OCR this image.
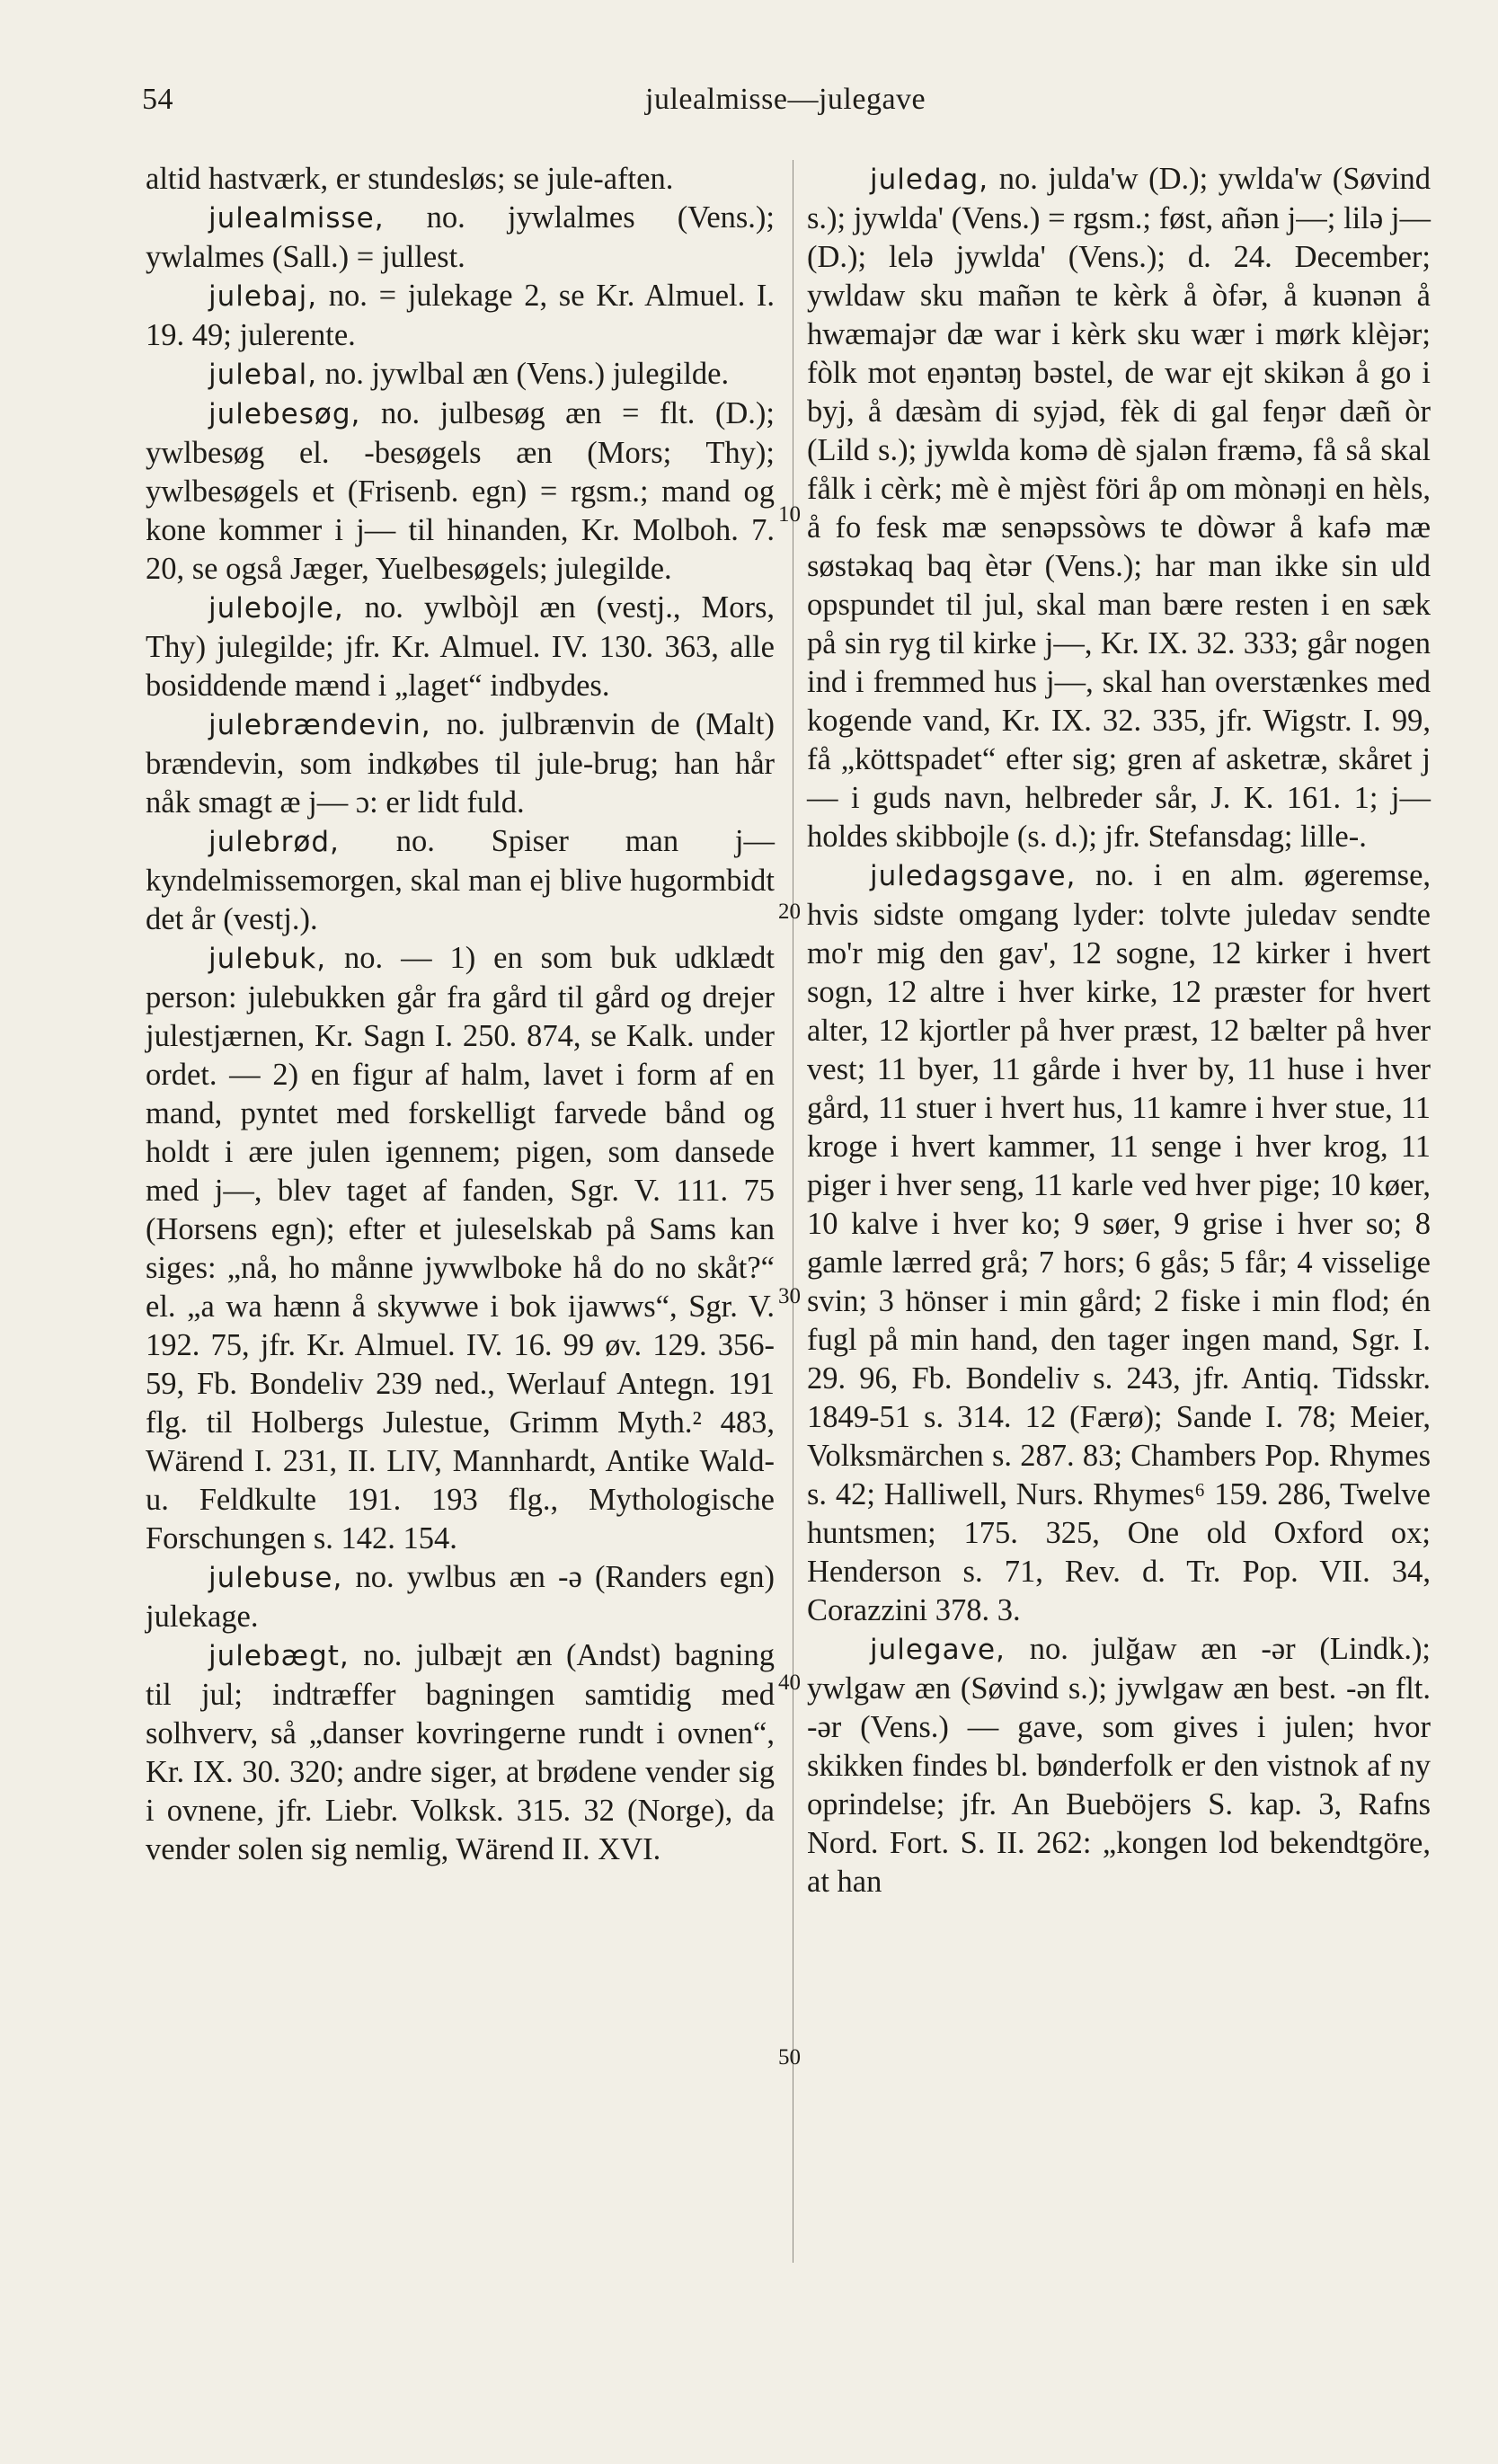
54	julealmisse—julegave
10
20
30
40
50

altid hastværk, er stundesløs; se jule-aften.

julealmisse, no. jywlalmes (Vens.); ywlalmes (Sall.) = jullest.

julebaj, no. = julekage 2, se Kr. Almuel. I. 19. 49; julerente.

julebal, no. jywlbal æn (Vens.) julegilde.

julebesøg, no. julbesøg æn = flt. (D.); ywlbesøg el. -besøgels æn (Mors; Thy); ywlbesøgels et (Frisenb. egn) = rgsm.; mand og kone kommer i j— til hinanden, Kr. Molboh. 7. 20, se også Jæger, Yuelbesøgels; julegilde.

julebojle, no. ywlbòjl æn (vestj., Mors, Thy) julegilde; jfr. Kr. Almuel. IV. 130. 363, alle bosiddende mænd i „laget“ indbydes.

julebrændevin, no. julbrænvin de (Malt) brændevin, som indkøbes til jule-brug; han hår nåk smagt æ j— ɔ: er lidt fuld.

julebrød, no. Spiser man j— kyndelmissemorgen, skal man ej blive hugormbidt det år (vestj.).

julebuk, no. — 1) en som buk udklædt person: julebukken går fra gård til gård og drejer julestjærnen, Kr. Sagn I. 250. 874, se Kalk. under ordet. — 2) en figur af halm, lavet i form af en mand, pyntet med forskelligt farvede bånd og holdt i ære julen igennem; pigen, som dansede med j—, blev taget af fanden, Sgr. V. 111. 75 (Horsens egn); efter et juleselskab på Sams kan siges: „nå, ho månne jywwlboke hå do no skåt?“ el. „a wa hænn å skywwe i bok ijawws“, Sgr. V. 192. 75, jfr. Kr. Almuel. IV. 16. 99 øv. 129. 356-59, Fb. Bondeliv 239 ned., Werlauf Antegn. 191 flg. til Holbergs Julestue, Grimm Myth.² 483, Wärend I. 231, II. LIV, Mannhardt, Antike Wald- u. Feldkulte 191. 193 flg., Mythologische Forschungen s. 142. 154.

julebuse, no. ywlbus æn -ə (Randers egn) julekage.

julebægt, no. julbæjt æn (Andst) bagning til jul; indtræffer bagningen samtidig med solhverv, så „danser kovringerne rundt i ovnen“, Kr. IX. 30. 320; andre siger, at brødene vender sig i ovnene, jfr. Liebr. Volksk. 315. 32 (Norge), da vender solen sig nemlig, Wärend II. XVI.

juledag, no. julda'w (D.); ywlda'w (Søvind s.); jywlda' (Vens.) = rgsm.; føst, añən j—; lilə j— (D.); lelə jywlda' (Vens.); d. 24. December; ywldaw sku mañən te kèrk å òfər, å kuənən å hwæmajər dæ war i kèrk sku wær i mørk klèjər; fòlk mot eŋəntəŋ bəstel, de war ejt skikən å go i byj, å dæsàm di syjəd, fèk di gal feŋər dæñ òr (Lild s.); jywlda komə dè sjalən fræmə, få så skal fålk i cèrk; mè è mjèst föri åp om mònəŋi en hèls, å fo fesk mæ senəpssòws te dòwər å kafə mæ søstəkaq baq ètər (Vens.); har man ikke sin uld opspundet til jul, skal man bære resten i en sæk på sin ryg til kirke j—, Kr. IX. 32. 333; går nogen ind i fremmed hus j—, skal han overstænkes med kogende vand, Kr. IX. 32. 335, jfr. Wigstr. I. 99, få „köttspadet“ efter sig; gren af asketræ, skåret j— i guds navn, helbreder sår, J. K. 161. 1; j— holdes skibbojle (s. d.); jfr. Stefansdag; lille-.

juledagsgave, no. i en alm. øgeremse, hvis sidste omgang lyder: tolvte juledav sendte mo'r mig den gav', 12 sogne, 12 kirker i hvert sogn, 12 altre i hver kirke, 12 præster for hvert alter, 12 kjortler på hver præst, 12 bælter på hver vest; 11 byer, 11 gårde i hver by, 11 huse i hver gård, 11 stuer i hvert hus, 11 kamre i hver stue, 11 kroge i hvert kammer, 11 senge i hver krog, 11 piger i hver seng, 11 karle ved hver pige; 10 køer, 10 kalve i hver ko; 9 søer, 9 grise i hver so; 8 gamle lærred grå; 7 hors; 6 gås; 5 får; 4 visselige svin; 3 hönser i min gård; 2 fiske i min flod; én fugl på min hand, den tager ingen mand, Sgr. I. 29. 96, Fb. Bondeliv s. 243, jfr. Antiq. Tidsskr. 1849-51 s. 314. 12 (Færø); Sande I. 78; Meier, Volksmärchen s. 287. 83; Chambers Pop. Rhymes s. 42; Halliwell, Nurs. Rhymes⁶ 159. 286, Twelve huntsmen; 175. 325, One old Oxford ox; Henderson s. 71, Rev. d. Tr. Pop. VII. 34, Corazzini 378. 3.

julegave, no. julğaw æn -ər (Lindk.); ywlgaw æn (Søvind s.); jywlgaw æn best. -ən flt. -ər (Vens.) — gave, som gives i julen; hvor skikken findes bl. bønderfolk er den vistnok af ny oprindelse; jfr. An Bueböjers S. kap. 3, Rafns Nord. Fort. S. II. 262: „kongen lod bekendtgöre, at han
